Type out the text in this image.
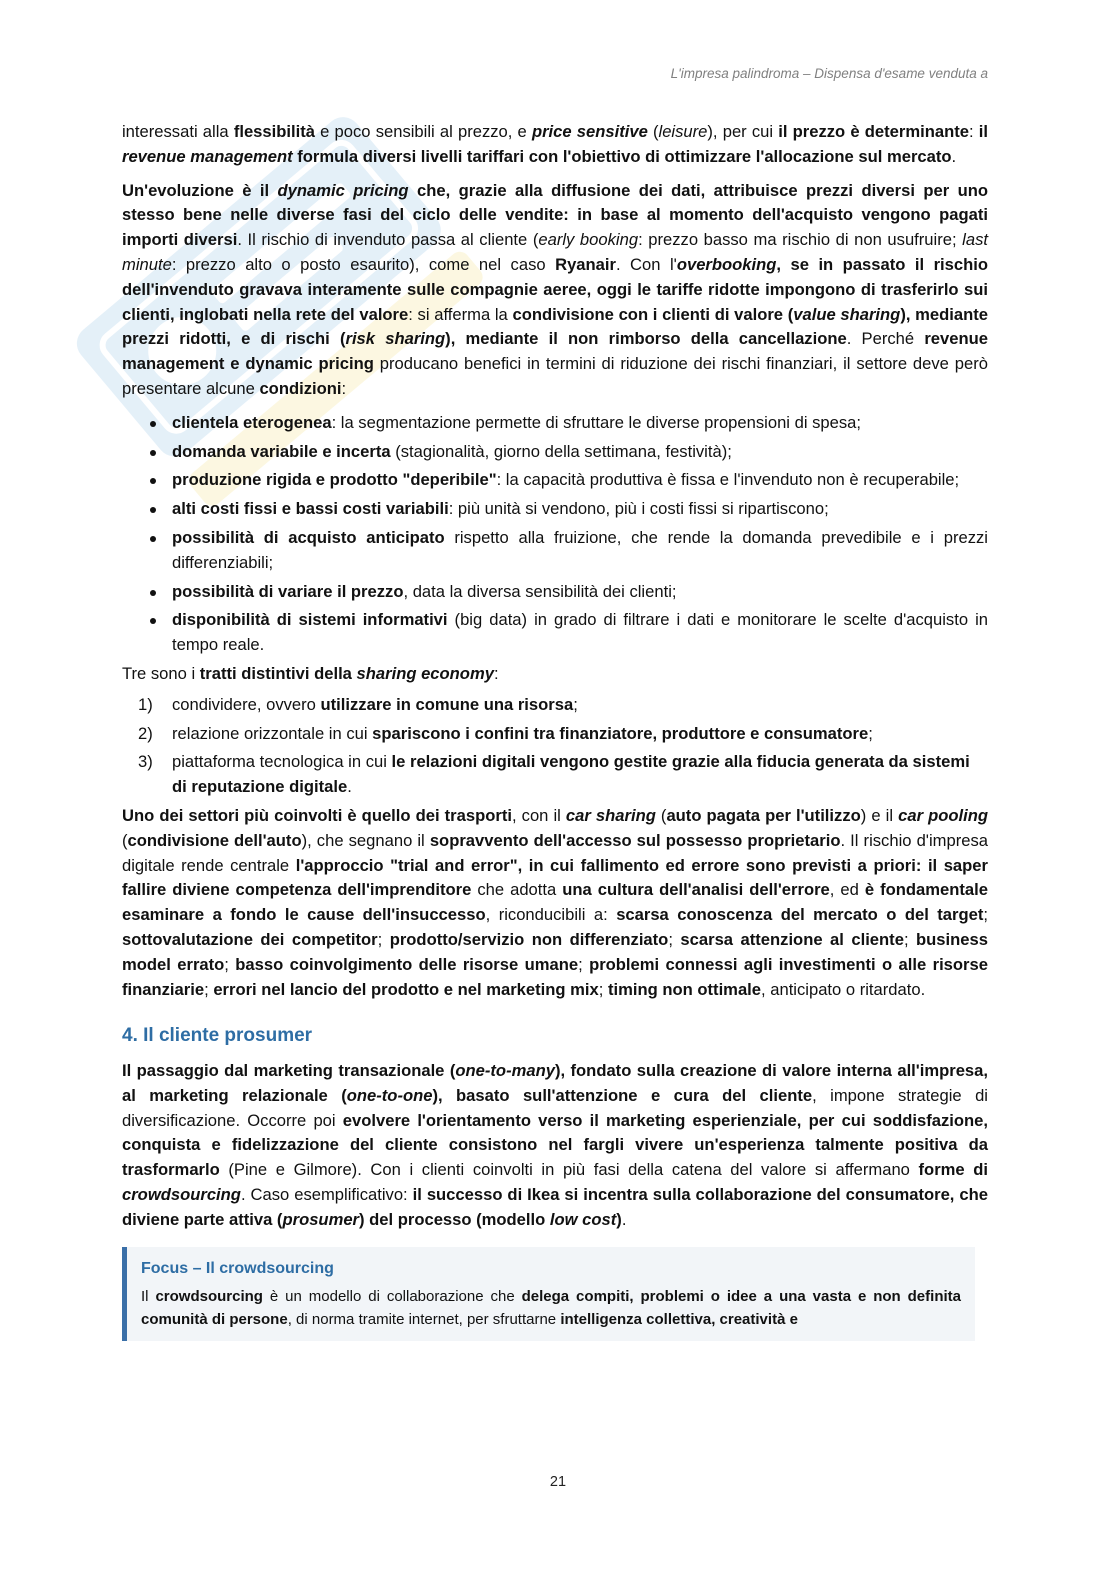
L'impresa palindroma – Dispensa d'esame venduta a

interessati alla flessibilità e poco sensibili al prezzo, e price sensitive (leisure), per cui il prezzo è determinante: il revenue management formula diversi livelli tariffari con l'obiettivo di ottimizzare l'allocazione sul mercato.

Un'evoluzione è il dynamic pricing che, grazie alla diffusione dei dati, attribuisce prezzi diversi per uno stesso bene nelle diverse fasi del ciclo delle vendite: in base al momento dell'acquisto vengono pagati importi diversi. Il rischio di invenduto passa al cliente (early booking: prezzo basso ma rischio di non usufruire; last minute: prezzo alto o posto esaurito), come nel caso Ryanair. Con l'overbooking, se in passato il rischio dell'invenduto gravava interamente sulle compagnie aeree, oggi le tariffe ridotte impongono di trasferirlo sui clienti, inglobati nella rete del valore: si afferma la condivisione con i clienti di valore (value sharing), mediante prezzi ridotti, e di rischi (risk sharing), mediante il non rimborso della cancellazione. Perché revenue management e dynamic pricing producano benefici in termini di riduzione dei rischi finanziari, il settore deve però presentare alcune condizioni:

clientela eterogenea: la segmentazione permette di sfruttare le diverse propensioni di spesa;
domanda variabile e incerta (stagionalità, giorno della settimana, festività);
produzione rigida e prodotto "deperibile": la capacità produttiva è fissa e l'invenduto non è recuperabile;
alti costi fissi e bassi costi variabili: più unità si vendono, più i costi fissi si ripartiscono;
possibilità di acquisto anticipato rispetto alla fruizione, che rende la domanda prevedibile e i prezzi differenziabili;
possibilità di variare il prezzo, data la diversa sensibilità dei clienti;
disponibilità di sistemi informativi (big data) in grado di filtrare i dati e monitorare le scelte d'acquisto in tempo reale.

Tre sono i tratti distintivi della sharing economy:

1) condividere, ovvero utilizzare in comune una risorsa;
2) relazione orizzontale in cui spariscono i confini tra finanziatore, produttore e consumatore;
3) piattaforma tecnologica in cui le relazioni digitali vengono gestite grazie alla fiducia generata da sistemi di reputazione digitale.

Uno dei settori più coinvolti è quello dei trasporti, con il car sharing (auto pagata per l'utilizzo) e il car pooling (condivisione dell'auto), che segnano il sopravvento dell'accesso sul possesso proprietario. Il rischio d'impresa digitale rende centrale l'approccio "trial and error", in cui fallimento ed errore sono previsti a priori: il saper fallire diviene competenza dell'imprenditore che adotta una cultura dell'analisi dell'errore, ed è fondamentale esaminare a fondo le cause dell'insuccesso, riconducibili a: scarsa conoscenza del mercato o del target; sottovalutazione dei competitor; prodotto/servizio non differenziato; scarsa attenzione al cliente; business model errato; basso coinvolgimento delle risorse umane; problemi connessi agli investimenti o alle risorse finanziarie; errori nel lancio del prodotto e nel marketing mix; timing non ottimale, anticipato o ritardato.

4. Il cliente prosumer

Il passaggio dal marketing transazionale (one-to-many), fondato sulla creazione di valore interna all'impresa, al marketing relazionale (one-to-one), basato sull'attenzione e cura del cliente, impone strategie di diversificazione. Occorre poi evolvere l'orientamento verso il marketing esperienziale, per cui soddisfazione, conquista e fidelizzazione del cliente consistono nel fargli vivere un'esperienza talmente positiva da trasformarlo (Pine e Gilmore). Con i clienti coinvolti in più fasi della catena del valore si affermano forme di crowdsourcing. Caso esemplificativo: il successo di Ikea si incentra sulla collaborazione del consumatore, che diviene parte attiva (prosumer) del processo (modello low cost).

Focus – Il crowdsourcing
Il crowdsourcing è un modello di collaborazione che delega compiti, problemi o idee a una vasta e non definita comunità di persone, di norma tramite internet, per sfruttarne intelligenza collettiva, creatività e
21
